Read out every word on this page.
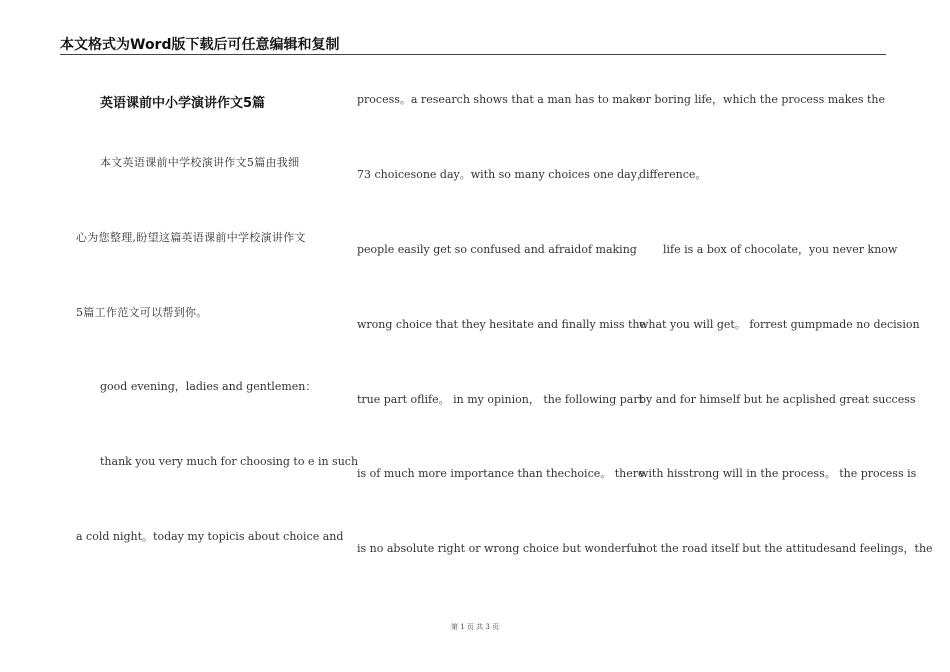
本文格式为Word版下载后可任意编辑和复制
英语课前中小学演讲作文5篇
本文英语课前中学校演讲作文5篇由我细
心为您整理,盼望这篇英语课前中学校演讲作文
5篇工作范文可以帮到你。
good evening，ladies and gentlemen：
thank you very much for choosing to e in such
a cold night。today my topicis about choice and
process。a research shows that a man has to make
73 choicesone day。with so many choices one day，
people easily get so confused and afraidof making
wrong choice that they hesitate and finally miss the
true part oflife。 in my opinion， the following part
is of much more importance than thechoice。 there
is no absolute right or wrong choice but wonderful
or boring life，which the process makes the
difference。
life is a box of chocolate，you never know
what you will get。 forrest gumpmade no decision
by and for himself but he acplished great success
with hisstrong will in the process。 the process is
not the road itself but the attitudesand feelings，the
第 1 页 共 3 页
